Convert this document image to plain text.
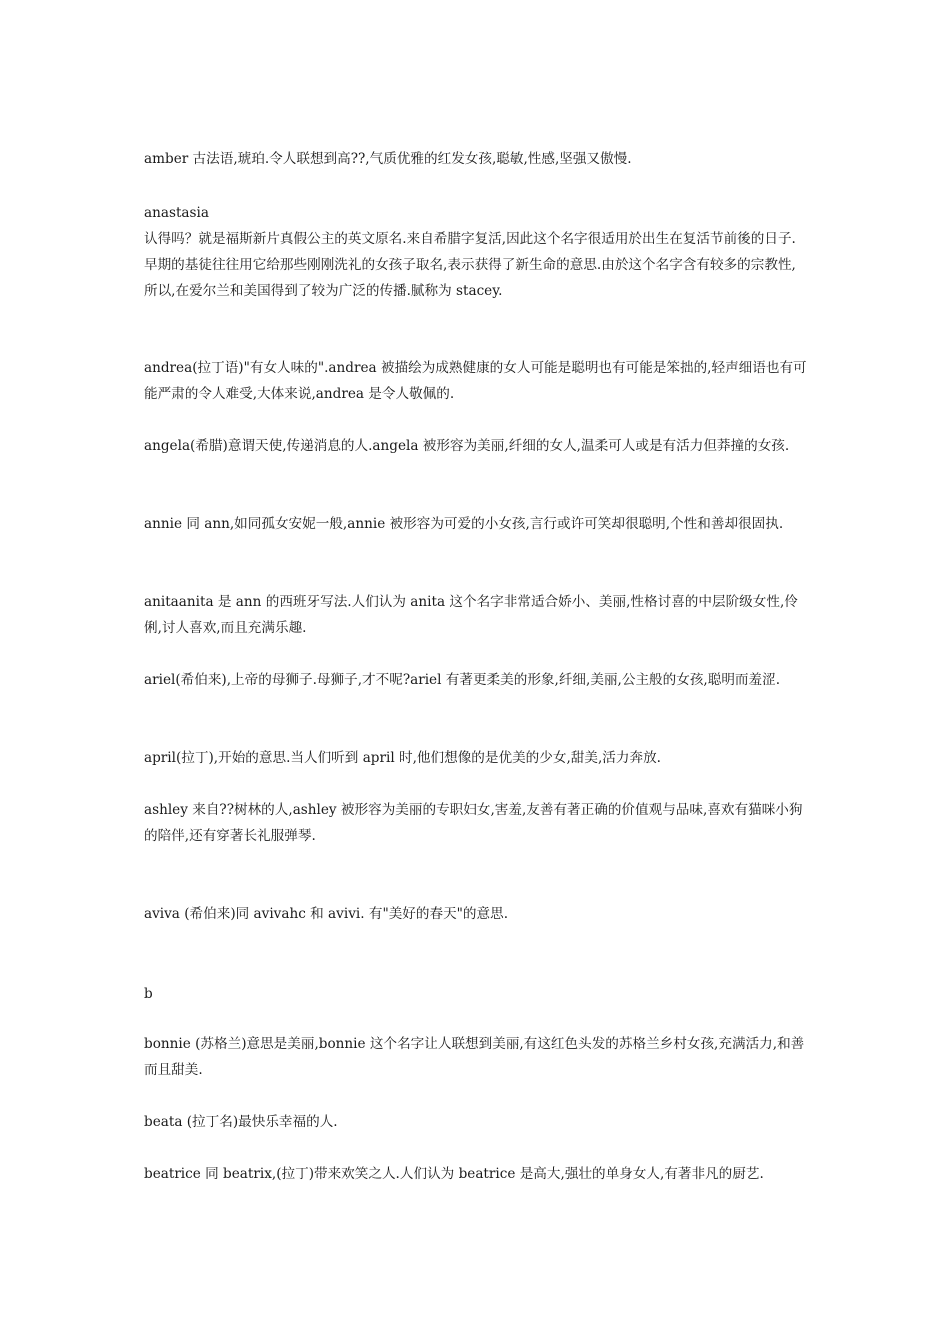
amber 古法语,琥珀.令人联想到高??,气质优雅的红发女孩,聪敏,性感,坚强又傲慢.

anastasia

认得吗？就是福斯新片真假公主的英文原名.来自希腊字复活,因此这个名字很适用於出生在复活节前後的日子.早期的基徒往往用它给那些刚刚洗礼的女孩子取名,表示获得了新生命的意思.由於这个名字含有较多的宗教性,所以,在爱尔兰和美国得到了较为广泛的传播.腻称为 stacey.

andrea(拉丁语)"有女人味的".andrea 被描绘为成熟健康的女人可能是聪明也有可能是笨拙的,轻声细语也有可能严肃的令人难受,大体来说,andrea 是令人敬佩的.

angela(希腊)意谓天使,传递消息的人.angela 被形容为美丽,纤细的女人,温柔可人或是有活力但莽撞的女孩.

annie 同 ann,如同孤女安妮一般,annie 被形容为可爱的小女孩,言行或许可笑却很聪明,个性和善却很固执.

anitaanita 是 ann 的西班牙写法.人们认为 anita 这个名字非常适合娇小、美丽,性格讨喜的中层阶级女性,伶俐,讨人喜欢,而且充满乐趣.

ariel(希伯来),上帝的母狮子.母狮子,才不呢?ariel 有著更柔美的形象,纤细,美丽,公主般的女孩,聪明而羞涩.

april(拉丁),开始的意思.当人们听到 april 时,他们想像的是优美的少女,甜美,活力奔放.

ashley 来自??树林的人,ashley 被形容为美丽的专职妇女,害羞,友善有著正确的价值观与品味,喜欢有猫咪小狗的陪伴,还有穿著长礼服弹琴.

aviva (希伯来)同 avivahc 和 avivi. 有"美好的春天"的意思.

b

bonnie (苏格兰)意思是美丽,bonnie 这个名字让人联想到美丽,有这红色头发的苏格兰乡村女孩,充满活力,和善而且甜美.

beata (拉丁名)最快乐幸福的人.

beatrice 同 beatrix,(拉丁)带来欢笑之人.人们认为 beatrice 是高大,强壮的单身女人,有著非凡的厨艺.
